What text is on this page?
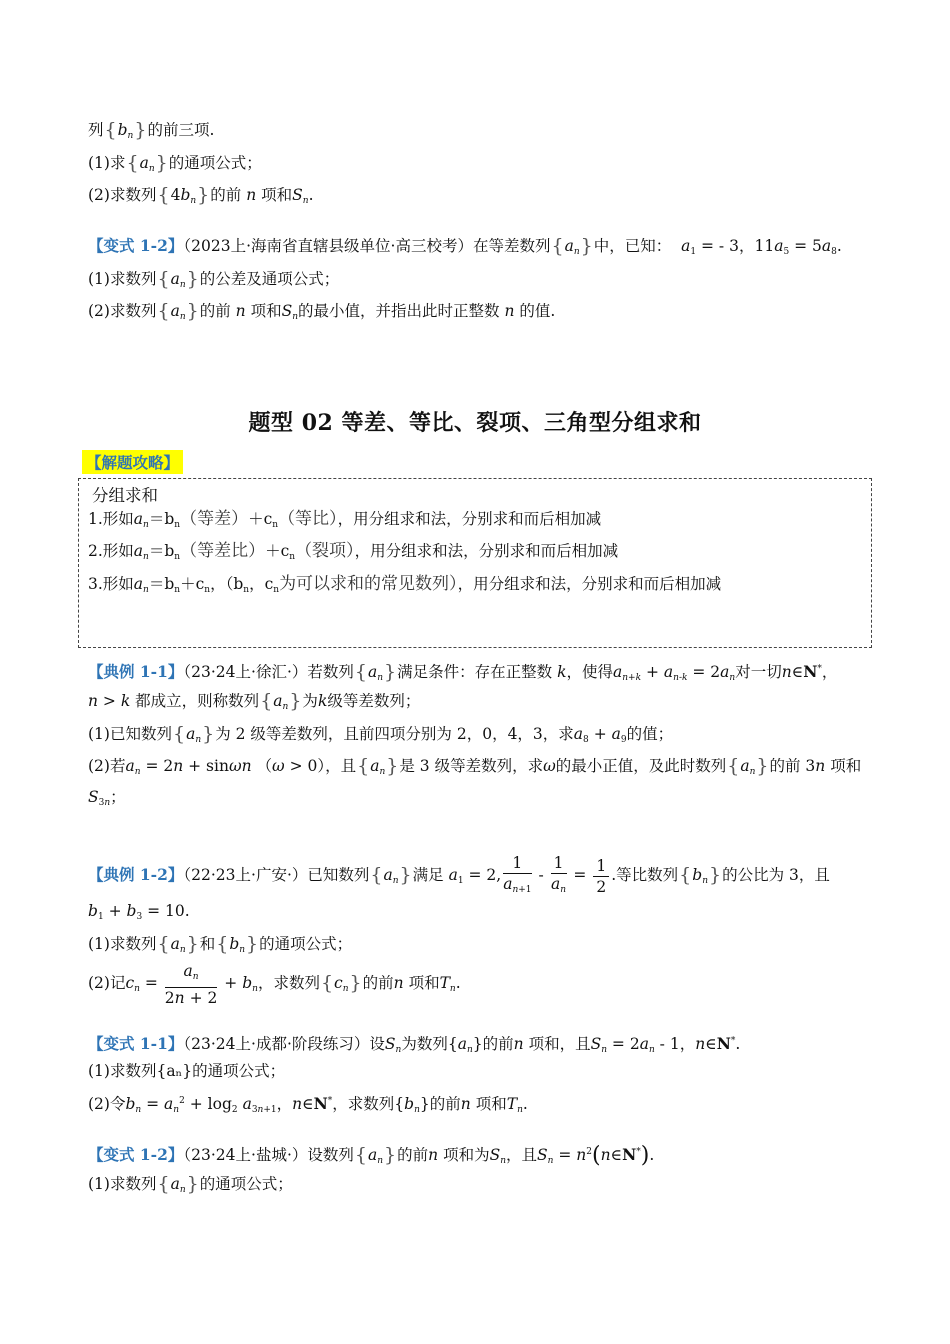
列$\{b_n\}$的前三项.
(1)求$\{a_n\}$的通项公式；
(2)求数列$\{4b_n\}$的前 n 项和$S_n$.
【变式 1-2】（2023上·海南省直辖县级单位·高三校考）在等差数列$\{a_n\}$中，已知： $a_1$ = - 3，$11a_5 = 5a_8$.
(1)求数列$\{a_n\}$的公差及通项公式；
(2)求数列$\{a_n\}$的前 n 项和$S_n$的最小值，并指出此时正整数 n 的值.
题型 02 等差、等比、裂项、三角型分组求和
【解题攻略】
分组求和
1.形如$a_n=b_n$（等差）$+c_n$（等比），用分组求和法，分别求和而后相加减
2.形如$a_n=b_n$（等差比）$+c_n$（裂项），用分组求和法，分别求和而后相加减
3.形如$a_n=b_n+c_n$，（$b_n$，$c_n$为可以求和的常见数列），用分组求和法，分别求和而后相加减
【典例 1-1】（23·24上·徐汇·）若数列$\{a_n\}$满足条件：存在正整数 k，使得$a_{n+k} + a_{n-k} = 2a_n$对一切n∈N*，
n > k 都成立，则称数列$\{a_n\}$为k级等差数列；
(1)已知数列$\{a_n\}$为 2 级等差数列，且前四项分别为 2，0，4，3，求$a_8 + a_9$的值；
(2)若$a_n = 2n + \sin\omega n$ （ω > 0），且$\{a_n\}$是 3 级等差数列，求ω的最小正值，及此时数列$\{a_n\}$的前 3n 项和
$S_{3n}$；
【典例 1-2】（22·23上·广安·）已知数列$\{a_n\}$满足 $a_1 = 2$, $\frac{1}{a_{n+1}} - \frac{1}{a_n} = \frac{1}{2}$ .等比数列$\{b_n\}$的公比为 3，且
$b_1 + b_3 = 10$.
(1)求数列$\{a_n\}$和$\{b_n\}$的通项公式；
(2)记$c_n = \frac{a_n}{2n + 2} + b_n$，求数列$\{c_n\}$的前n 项和$T_n$.
【变式 1-1】（23·24上·成都·阶段练习）设$S_n$为数列$\{a_n\}$的前n 项和，且$S_n = 2a_n - 1$，n∈N*.
(1)求数列{aₙ}的通项公式；
(2)令$b_n = a_n^2 + \log_2 a_{3n+1}$，n∈N*，求数列$\{b_n\}$的前n 项和$T_n$.
【变式 1-2】（23·24上·盐城·）设数列$\{a_n\}$的前n 项和为$S_n$，且$S_n$ = $n^2(n\in N^*)$.
(1)求数列$\{a_n\}$的通项公式；
